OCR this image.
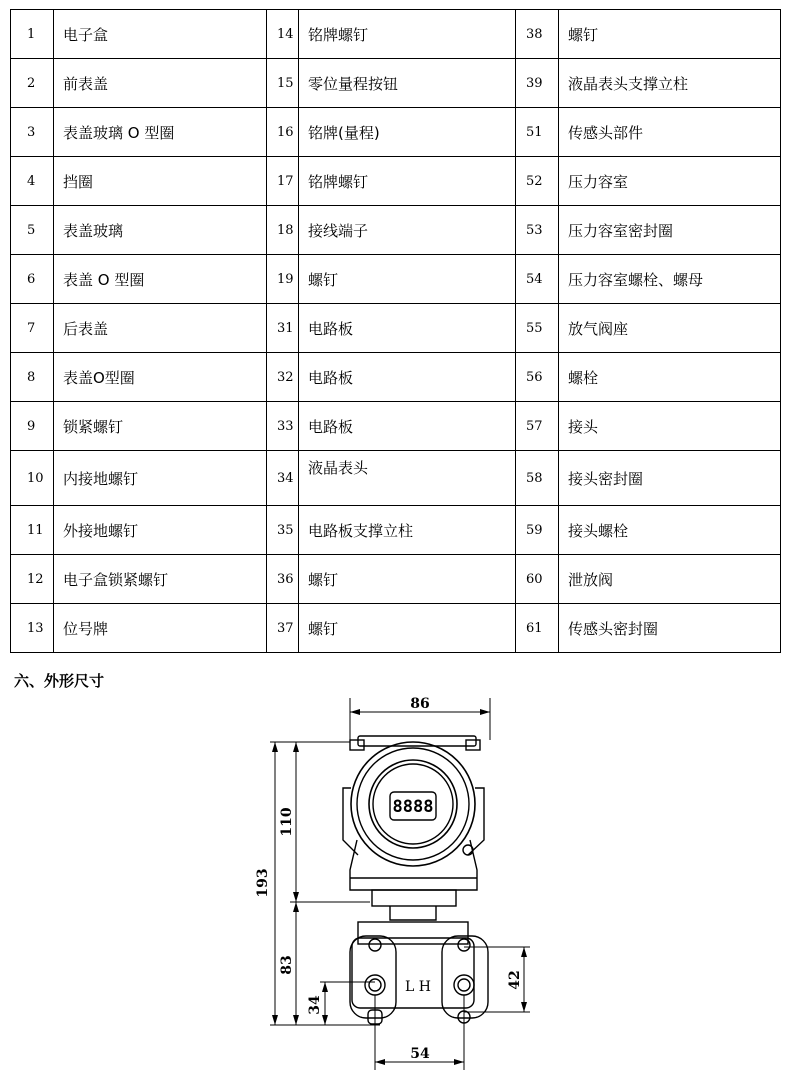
1	电子盒	14	铭牌螺钉	38	螺钉
2	前表盖	15	零位量程按钮	39	液晶表头支撑立柱
3	表盖玻璃 O 型圈	16	铭牌(量程)	51	传感头部件
4	挡圈	17	铭牌螺钉	52	压力容室
5	表盖玻璃	18	接线端子	53	压力容室密封圈
6	表盖 O 型圈	19	螺钉	54	压力容室螺栓、螺母
7	后表盖	31	电路板	55	放气阀座
8	表盖O型圈	32	电路板	56	螺栓
9	锁紧螺钉	33	电路板	57	接头
10	内接地螺钉	34	液晶表头	58	接头密封圈
11	外接地螺钉	35	电路板支撑立柱	59	接头螺栓
12	电子盒锁紧螺钉	36	螺钉	60	泄放阀
13	位号牌	37	螺钉	61	传感头密封圈
六、外形尺寸
8888
L H
86
193
110
83
34
42
54
